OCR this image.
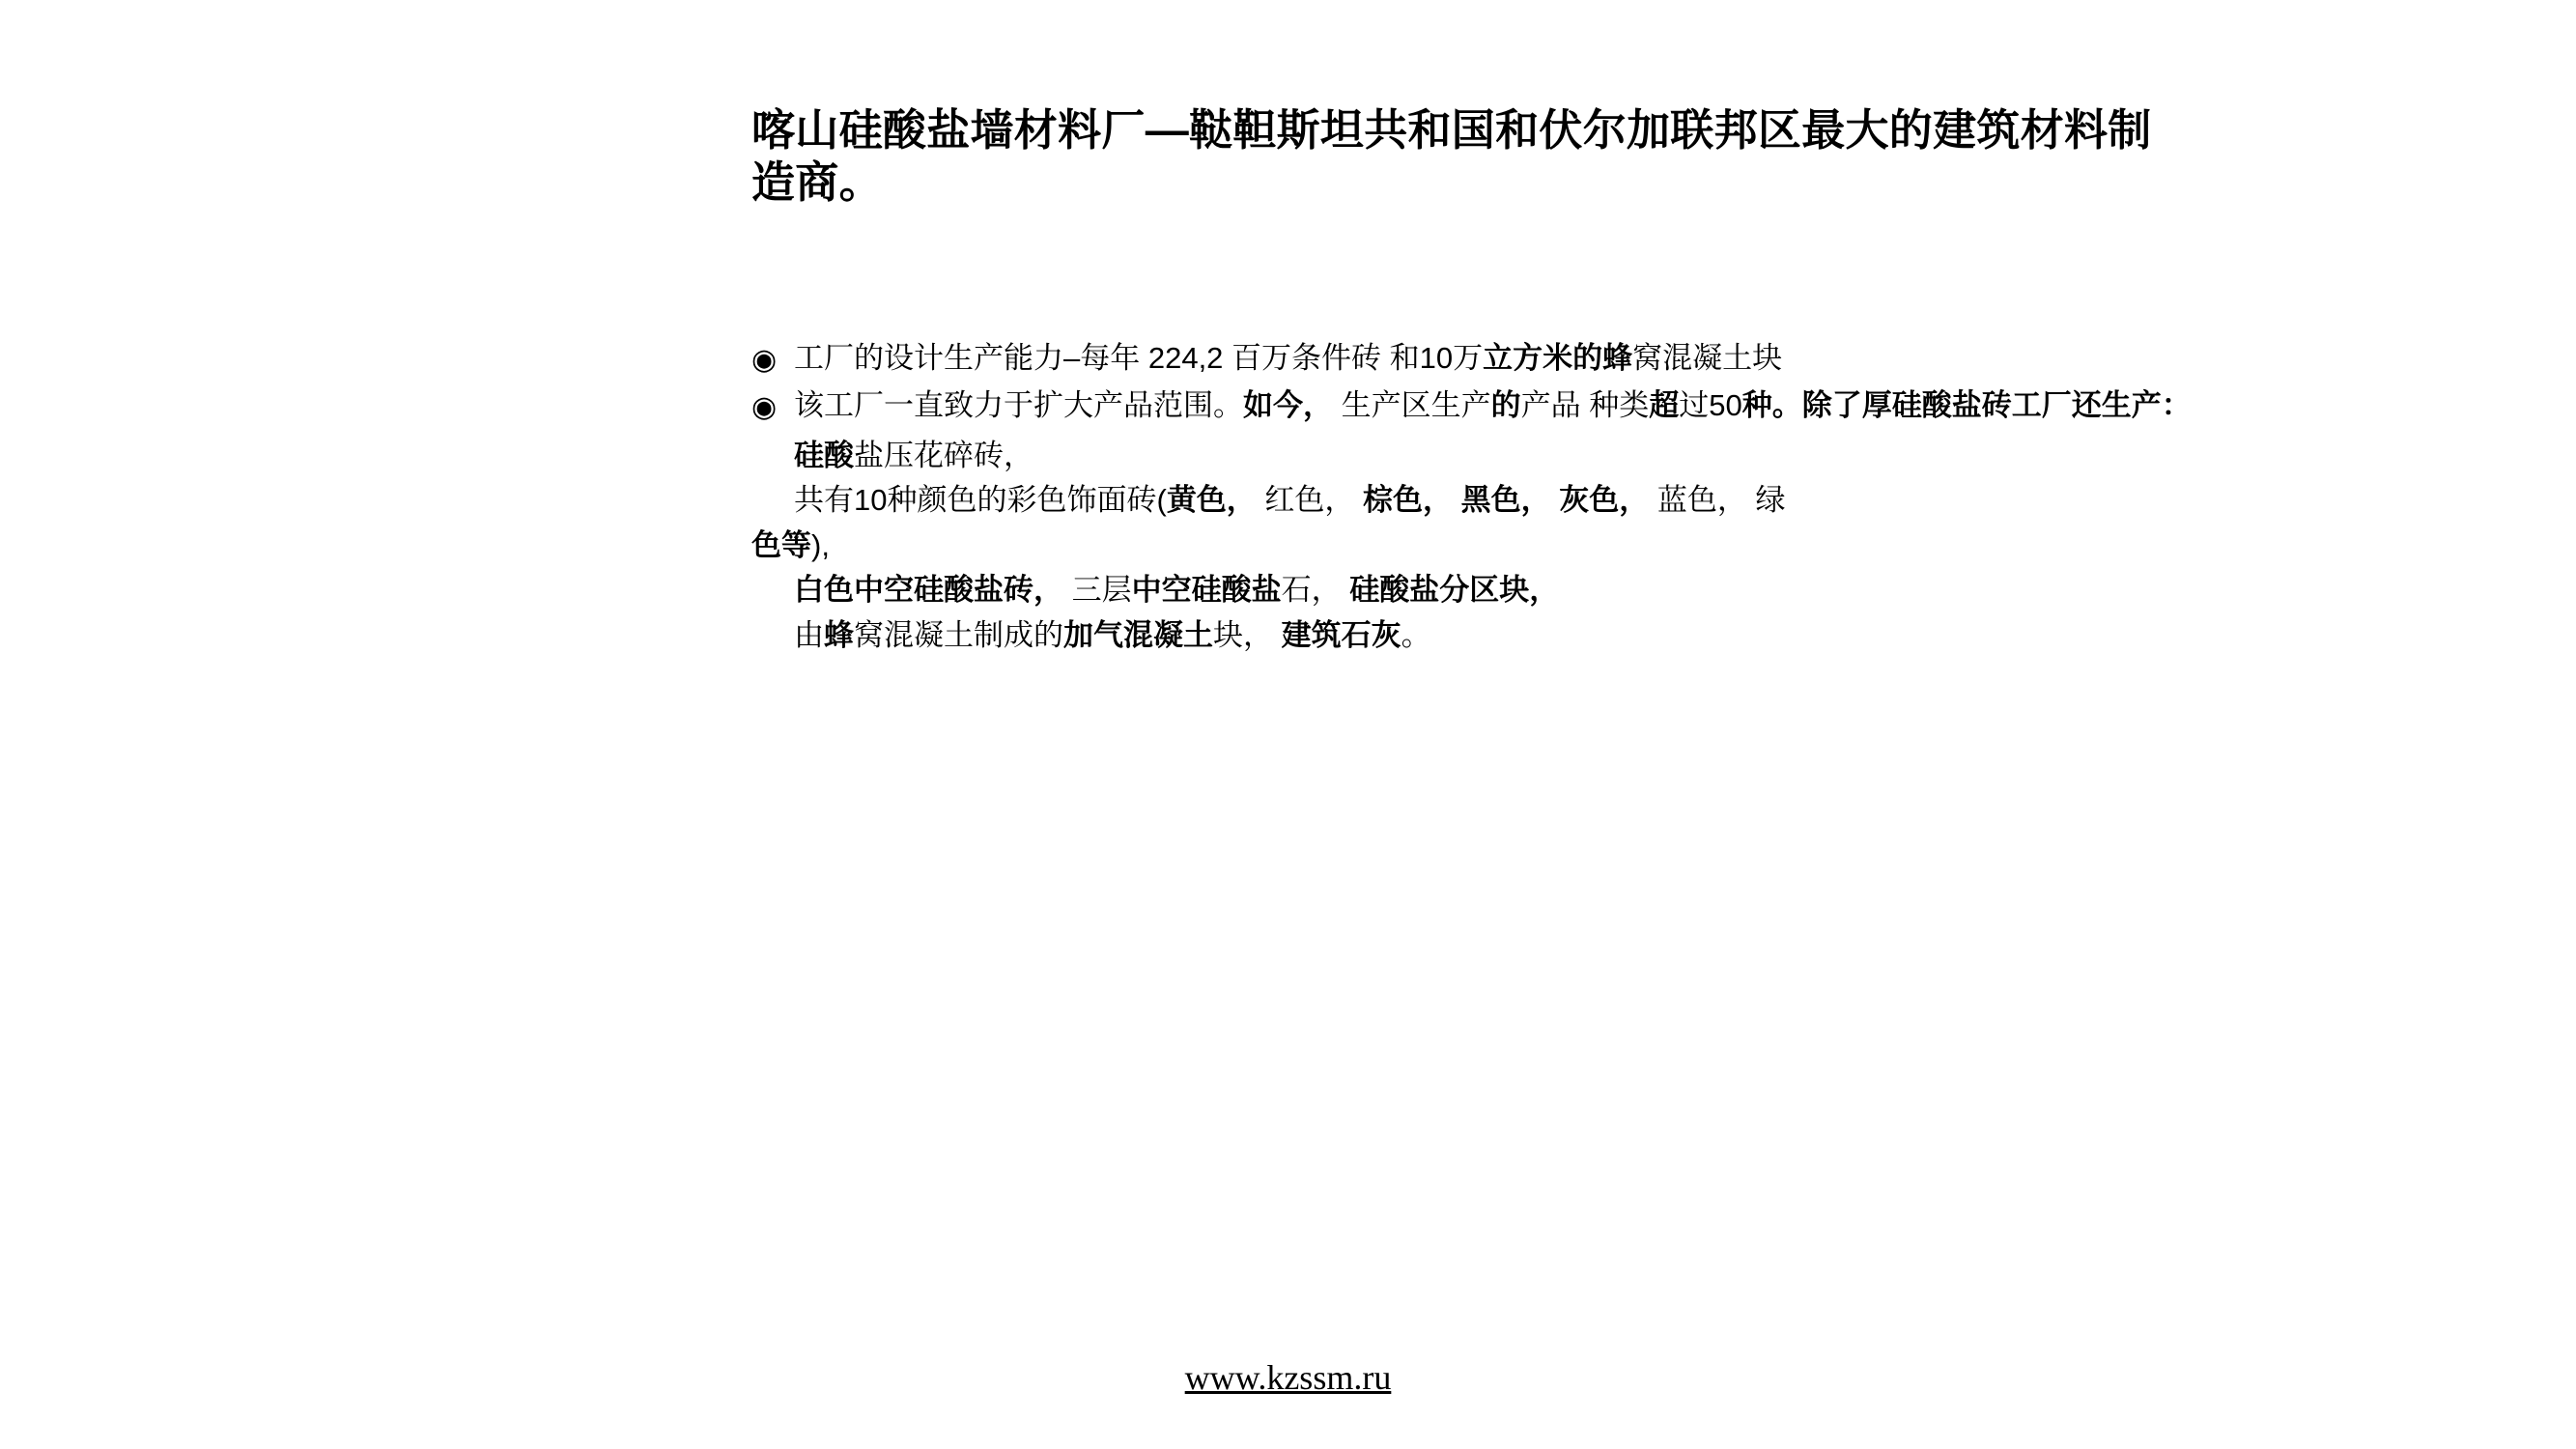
喀山硅酸盐墙材料厂—鞑靼斯坦共和国和伏尔加联邦区最大的建筑材料制造商。
◉ 工厂的设计生产能力–每年 224,2 百万条件砖 和10万立方米的蜂窝混凝土块
◉ 该工厂一直致力于扩大产品范围。如今， 生产区生产的产品 种类超过50种。除了厚硅酸盐砖工厂还生产：
硅酸盐压花碎砖，
共有10种颜色的彩色饰面砖(黄色， 红色， 棕色， 黑色， 灰色， 蓝色， 绿
色等),
白色中空硅酸盐砖， 三层中空硅酸盐石， 硅酸盐分区块，
由蜂窝混凝土制成的加气混凝土块， 建筑石灰。
www.kzssm.ru
